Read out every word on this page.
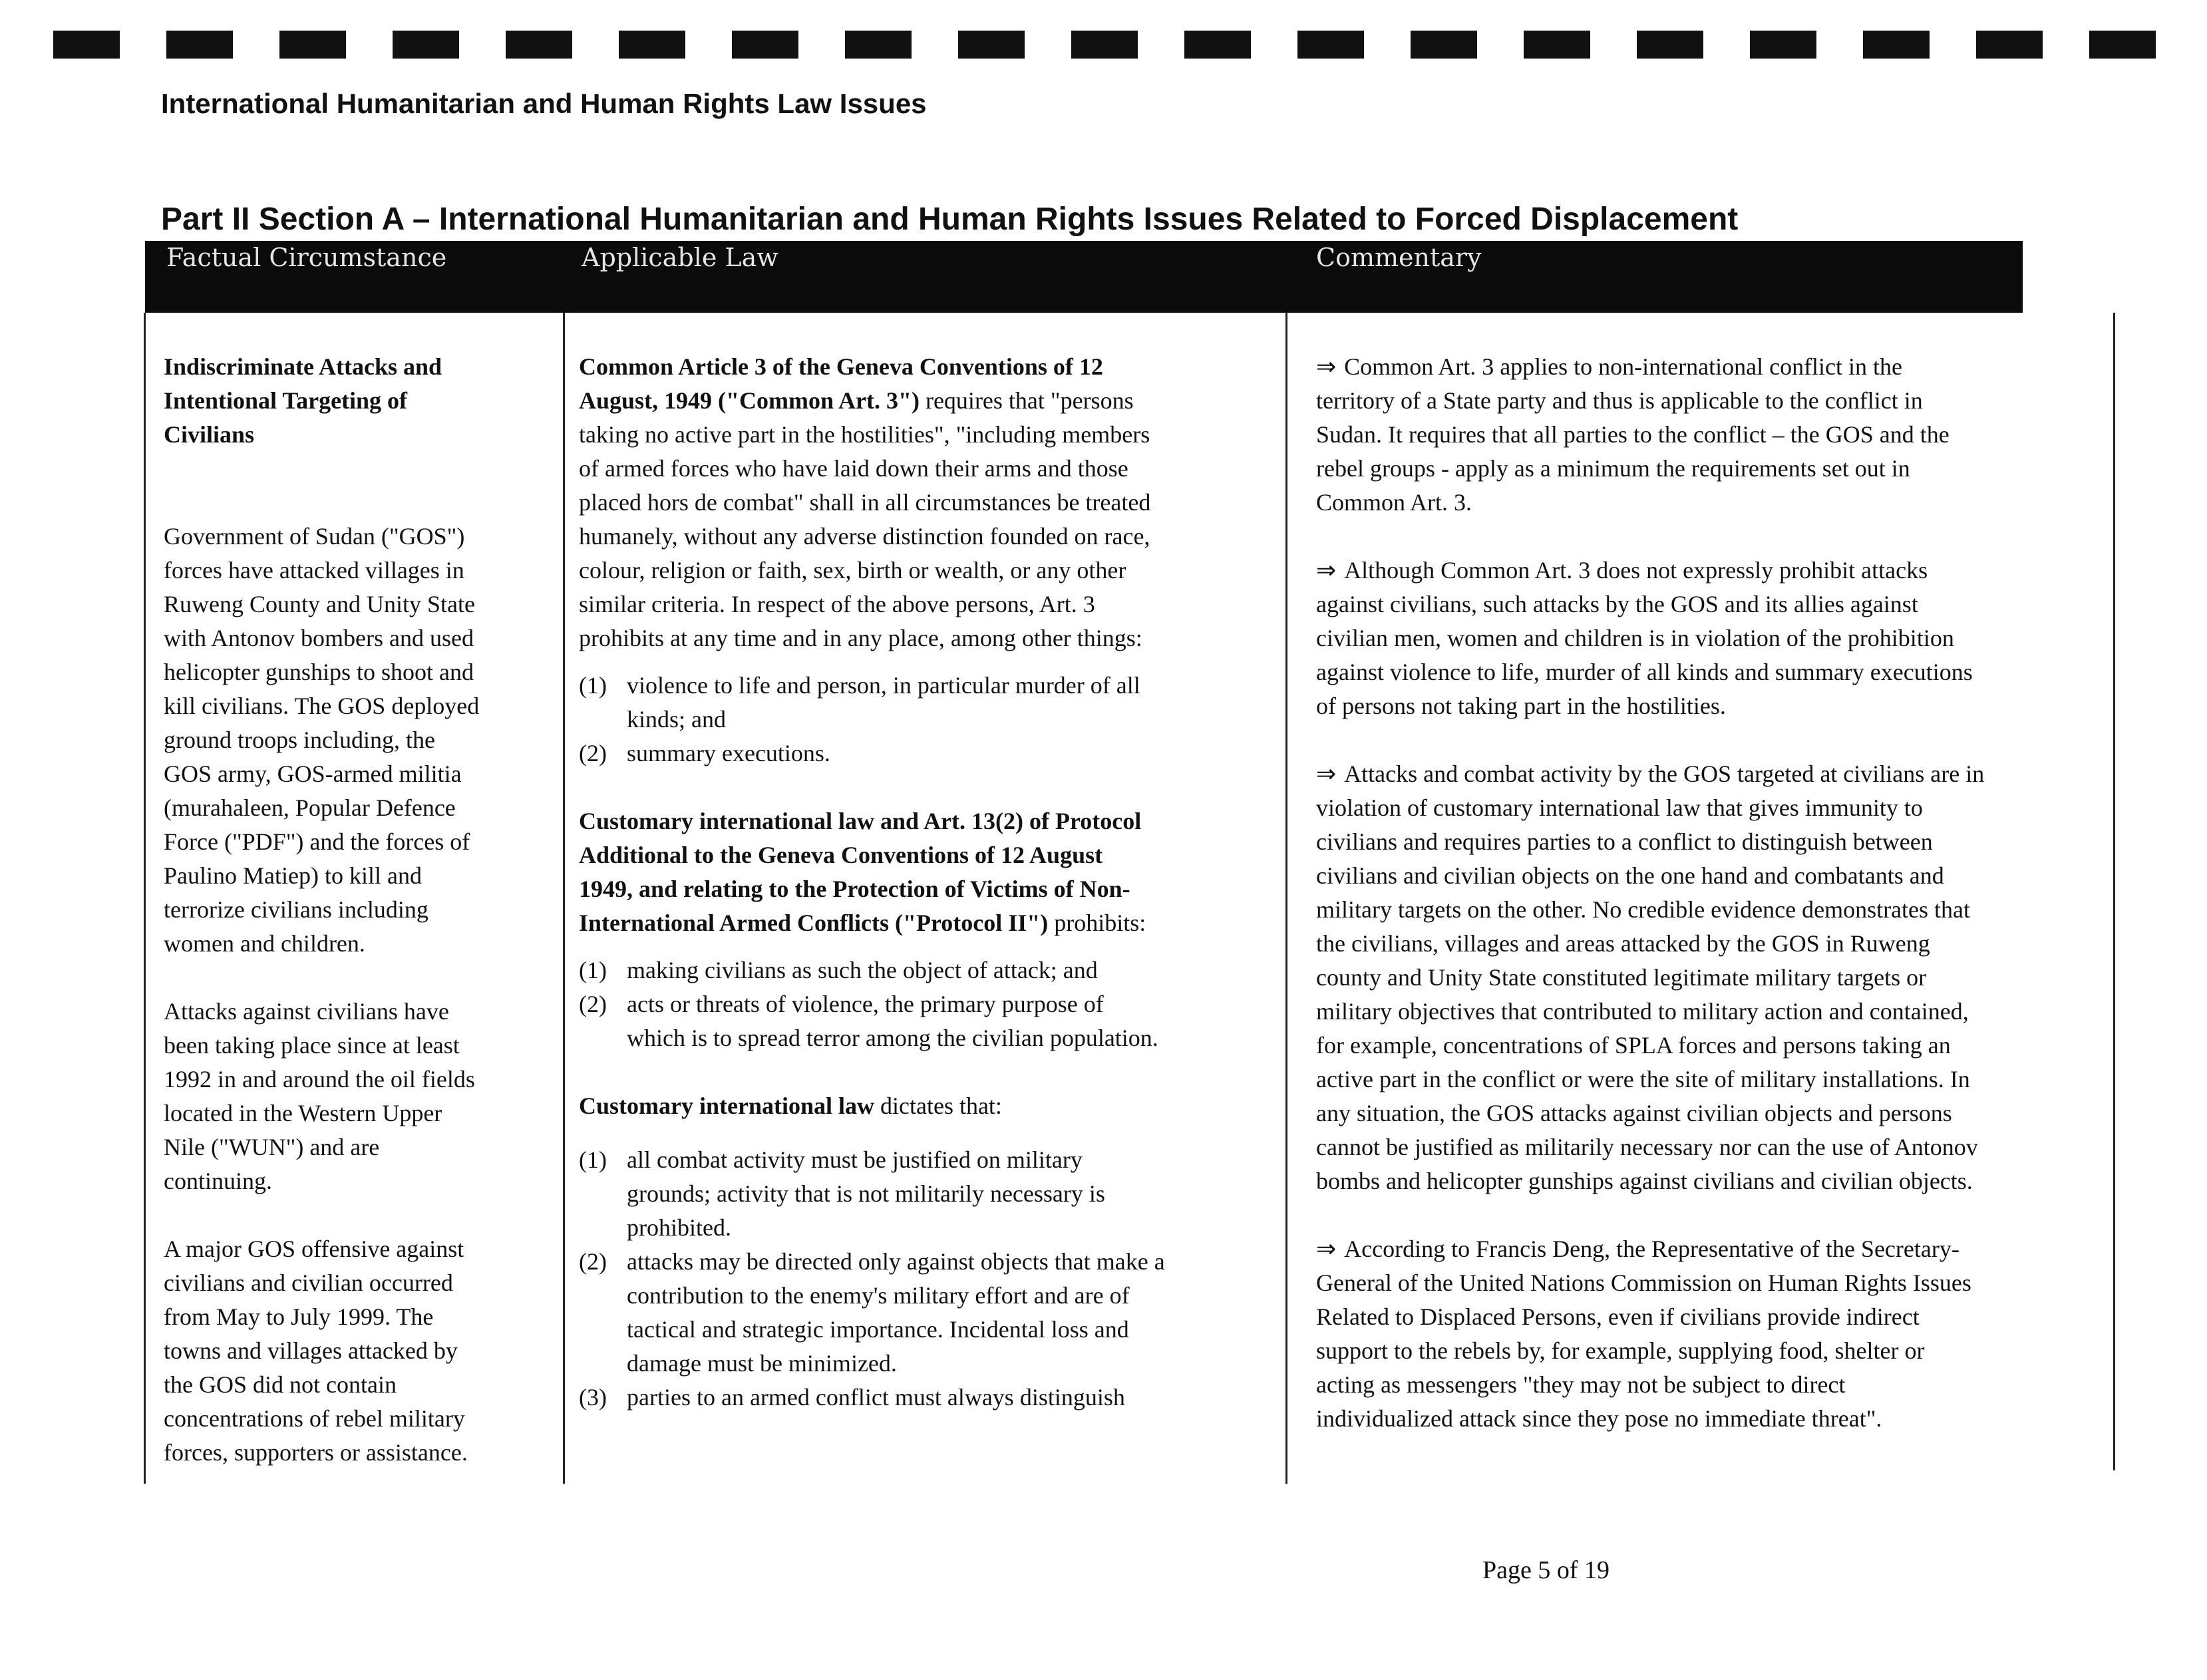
International Humanitarian and Human Rights Law Issues
Part II Section A – International Humanitarian and Human Rights Issues Related to Forced Displacement
Factual Circumstance	Applicable Law	Commentary

Indiscriminate Attacks and

Intentional Targeting of

Civilians

Government of Sudan ("GOS")

forces have attacked villages in

Ruweng County and Unity State

with Antonov bombers and used

helicopter gunships to shoot and

kill civilians. The GOS deployed

ground troops including, the

GOS army, GOS-armed militia

(murahaleen, Popular Defence

Force ("PDF") and the forces of

Paulino Matiep) to kill and

terrorize civilians including

women and children.

Attacks against civilians have

been taking place since at least

1992 in and around the oil fields

located in the Western Upper

Nile ("WUN") and are

continuing.

A major GOS offensive against

civilians and civilian occurred

from May to July 1999. The

towns and villages attacked by

the GOS did not contain

concentrations of rebel military

forces, supporters or assistance.

Common Article 3 of the Geneva Conventions of 12

August, 1949 ("Common Art. 3") requires that "persons

taking no active part in the hostilities", "including members

of armed forces who have laid down their arms and those

placed hors de combat" shall in all circumstances be treated

humanely, without any adverse distinction founded on race,

colour, religion or faith, sex, birth or wealth, or any other

similar criteria. In respect of the above persons, Art. 3

prohibits at any time and in any place, among other things:

(1) violence to life and person, in particular murder of all
kinds; and
(2) summary executions.

Customary international law and Art. 13(2) of Protocol

Additional to the Geneva Conventions of 12 August

1949, and relating to the Protection of Victims of Non-

International Armed Conflicts ("Protocol II") prohibits:

(1) making civilians as such the object of attack; and
(2) acts or threats of violence, the primary purpose of
which is to spread terror among the civilian population.

Customary international law dictates that:

(1) all combat activity must be justified on military
grounds; activity that is not militarily necessary is
prohibited.
(2) attacks may be directed only against objects that make a
contribution to the enemy's military effort and are of
tactical and strategic importance. Incidental loss and
damage must be minimized.
(3) parties to an armed conflict must always distinguish

⇒ Common Art. 3 applies to non-international conflict in the

territory of a State party and thus is applicable to the conflict in

Sudan. It requires that all parties to the conflict – the GOS and the

rebel groups - apply as a minimum the requirements set out in

Common Art. 3.

⇒ Although Common Art. 3 does not expressly prohibit attacks

against civilians, such attacks by the GOS and its allies against

civilian men, women and children is in violation of the prohibition

against violence to life, murder of all kinds and summary executions

of persons not taking part in the hostilities.

⇒ Attacks and combat activity by the GOS targeted at civilians are in

violation of customary international law that gives immunity to

civilians and requires parties to a conflict to distinguish between

civilians and civilian objects on the one hand and combatants and

military targets on the other. No credible evidence demonstrates that

the civilians, villages and areas attacked by the GOS in Ruweng

county and Unity State constituted legitimate military targets or

military objectives that contributed to military action and contained,

for example, concentrations of SPLA forces and persons taking an

active part in the conflict or were the site of military installations. In

any situation, the GOS attacks against civilian objects and persons

cannot be justified as militarily necessary nor can the use of Antonov

bombs and helicopter gunships against civilians and civilian objects.

⇒ According to Francis Deng, the Representative of the Secretary-

General of the United Nations Commission on Human Rights Issues

Related to Displaced Persons, even if civilians provide indirect

support to the rebels by, for example, supplying food, shelter or

acting as messengers "they may not be subject to direct

individualized attack since they pose no immediate threat".

Page 5 of 19
